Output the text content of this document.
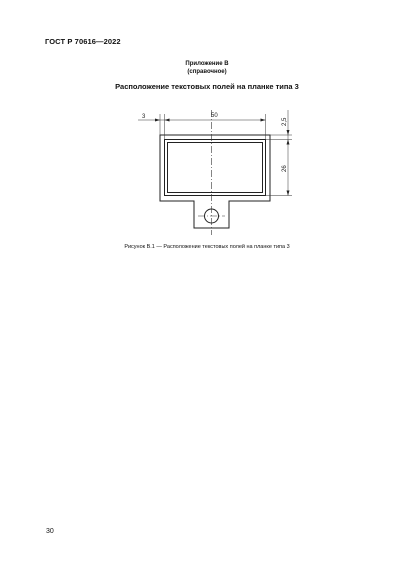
ГОСТ Р 70616—2022
Приложение В
(справочное)
Расположение текстовых полей на планке типа 3
3	50
2,5
26
Рисунок В.1 — Расположение текстовых полей на планке типа 3
30
